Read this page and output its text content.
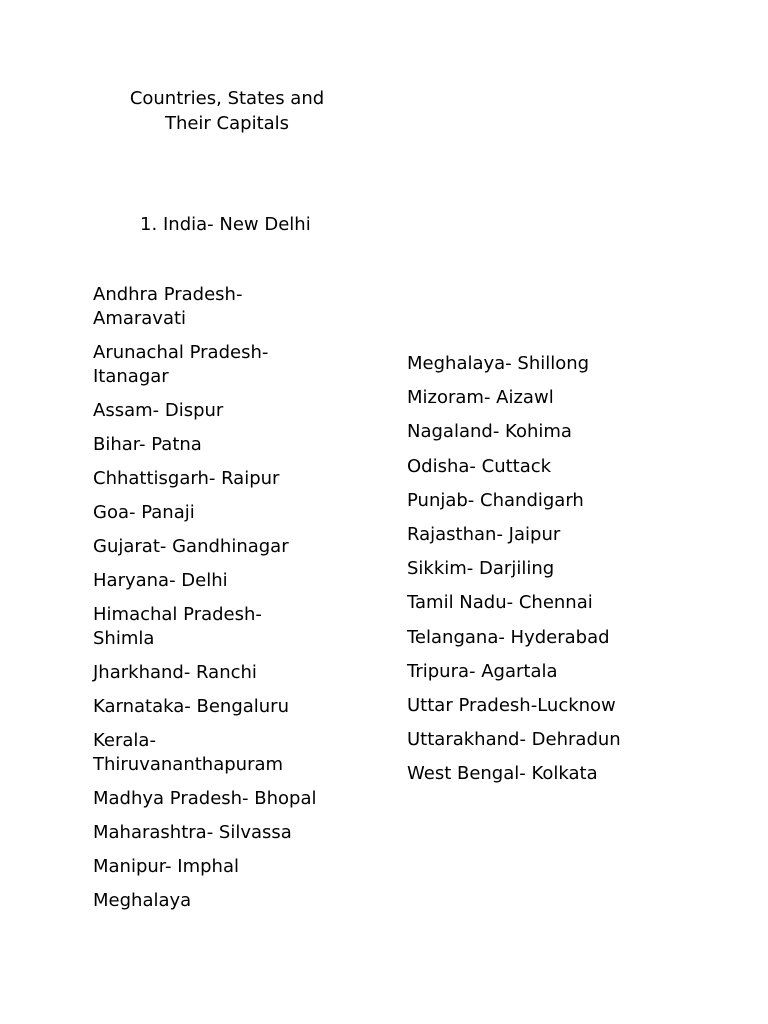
Countries, States and
Their Capitals
1. India- New Delhi
Andhra Pradesh-
Amaravati
Arunachal Pradesh-
Itanagar
Assam- Dispur
Bihar- Patna
Chhattisgarh- Raipur
Goa- Panaji
Gujarat- Gandhinagar
Haryana- Delhi
Himachal Pradesh-
Shimla
Jharkhand- Ranchi
Karnataka- Bengaluru
Kerala-
Thiruvananthapuram
Madhya Pradesh- Bhopal
Maharashtra- Silvassa
Manipur- Imphal
Meghalaya
Meghalaya- Shillong
Mizoram- Aizawl
Nagaland- Kohima
Odisha- Cuttack
Punjab- Chandigarh
Rajasthan- Jaipur
Sikkim- Darjiling
Tamil Nadu- Chennai
Telangana- Hyderabad
Tripura- Agartala
Uttar Pradesh-Lucknow
Uttarakhand- Dehradun
West Bengal- Kolkata
